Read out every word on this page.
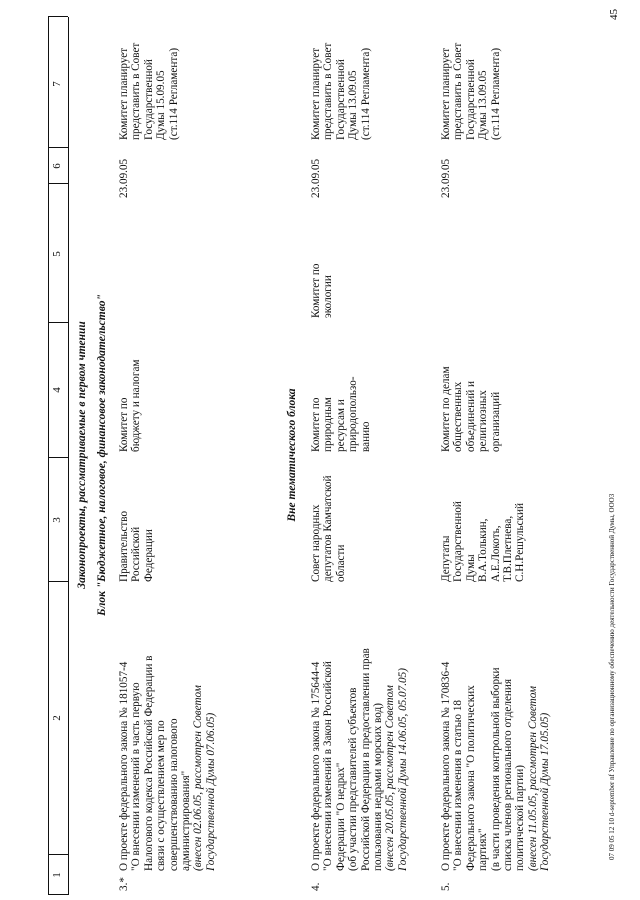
45
07 09 05 12 10 d-september nf Управление по организационному обеспечению деятельности Государственной Думы, ООО3
1
2
3
4
5
6
7
Законопроекты, рассматриваемые в первом чтении Блок "Бюджетное, налоговое, финансовое законодательство"
3.*
О проекте федерального закона № 181057-4 "О внесении изменений в часть первую Налогового кодекса Российской Федерации в связи с осуществлением мер по совершенствованию налогового администрирования" (внесен 02.06.05, рассмотрен Советом Государственной Думы 07.06.05)
Правительство Российской Федерации
Комитет по бюджету и налогам
23.09.05
Комитет планирует представить в Совет Государственной Думы 15.09.05 (ст.114 Регламента)
Вне тематического блока
4.
О проекте федерального закона № 175644-4 "О внесении изменений в Закон Российской Федерации "О недрах" (об участии представителей субъектов Российской Федерации в предоставлении прав пользования недрами морских вод) (внесен 20.05.05, рассмотрен Советом Государственной Думы 14.06.05, 05.07.05)
Совет народных депутатов Камчатской области
Комитет по природным ресурсам и природопользо- ванию
Комитет по экологии
23.09.05
Комитет планирует представить в Совет Государственной Думы 13.09.05 (ст.114 Регламента)
5.
О проекте федерального закона № 170836-4 "О внесении изменения в статью 18 Федерального закона "О политических партиях" (в части проведения контрольной выборки списка членов регионального отделения политической партии) (внесен 11.05.05, рассмотрен Советом Государственной Думы 17.05.05)
Депутаты Государственной Думы В.А.Толькин, А.Е.Локоть, Т.В.Плетнева, С.Н.Решульский
Комитет по делам общественных объединений и религиозных организаций
23.09.05
Комитет планирует представить в Совет Государственной Думы 13.09.05 (ст.114 Регламента)
